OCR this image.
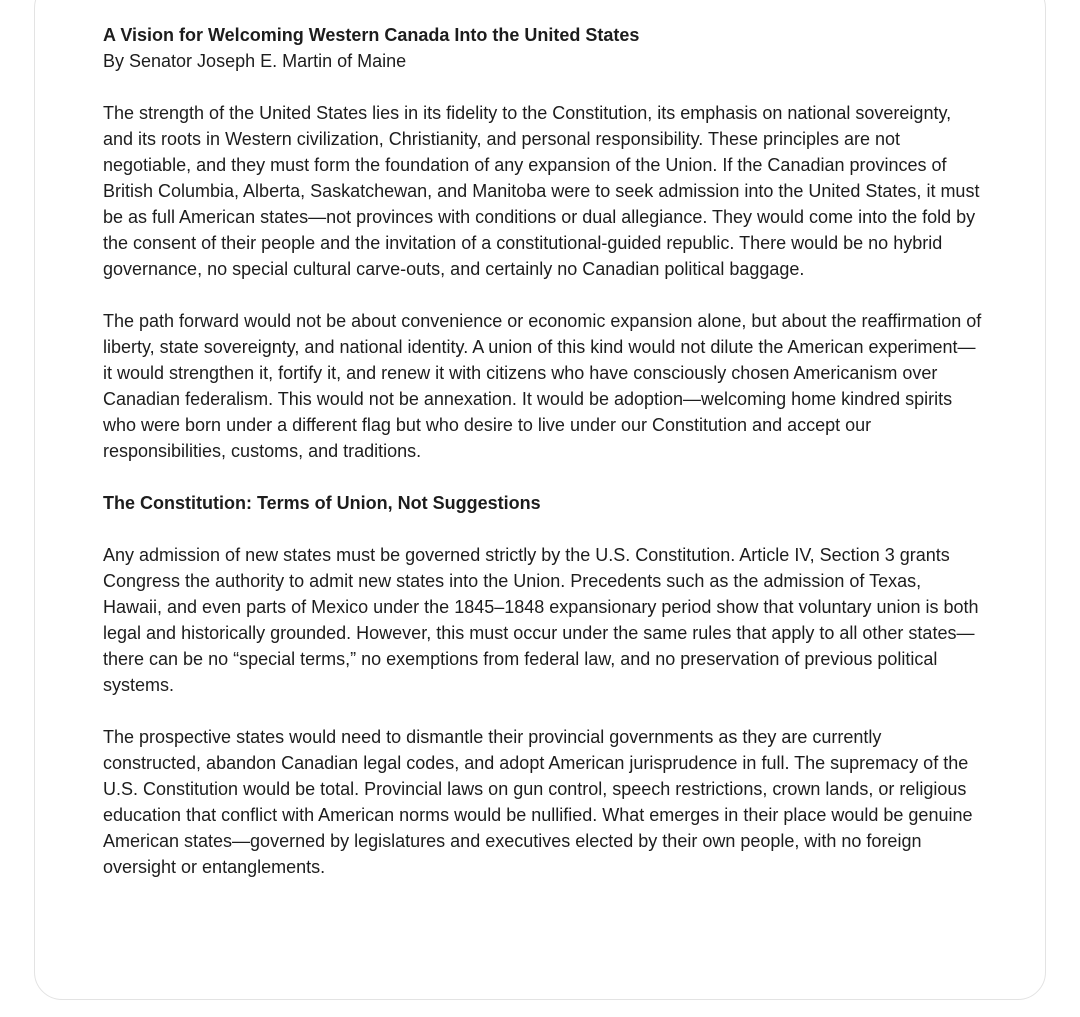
A Vision for Welcoming Western Canada Into the United States
By Senator Joseph E. Martin of Maine

The strength of the United States lies in its fidelity to the Constitution, its emphasis on national sovereignty, and its roots in Western civilization, Christianity, and personal responsibility. These principles are not negotiable, and they must form the foundation of any expansion of the Union. If the Canadian provinces of British Columbia, Alberta, Saskatchewan, and Manitoba were to seek admission into the United States, it must be as full American states—not provinces with conditions or dual allegiance. They would come into the fold by the consent of their people and the invitation of a constitutional-guided republic. There would be no hybrid governance, no special cultural carve-outs, and certainly no Canadian political baggage.

The path forward would not be about convenience or economic expansion alone, but about the reaffirmation of liberty, state sovereignty, and national identity. A union of this kind would not dilute the American experiment—it would strengthen it, fortify it, and renew it with citizens who have consciously chosen Americanism over Canadian federalism. This would not be annexation. It would be adoption—welcoming home kindred spirits who were born under a different flag but who desire to live under our Constitution and accept our responsibilities, customs, and traditions.

The Constitution: Terms of Union, Not Suggestions

Any admission of new states must be governed strictly by the U.S. Constitution. Article IV, Section 3 grants Congress the authority to admit new states into the Union. Precedents such as the admission of Texas, Hawaii, and even parts of Mexico under the 1845–1848 expansionary period show that voluntary union is both legal and historically grounded. However, this must occur under the same rules that apply to all other states—there can be no “special terms,” no exemptions from federal law, and no preservation of previous political systems.

The prospective states would need to dismantle their provincial governments as they are currently constructed, abandon Canadian legal codes, and adopt American jurisprudence in full. The supremacy of the U.S. Constitution would be total. Provincial laws on gun control, speech restrictions, crown lands, or religious education that conflict with American norms would be nullified. What emerges in their place would be genuine American states—governed by legislatures and executives elected by their own people, with no foreign oversight or entanglements.
